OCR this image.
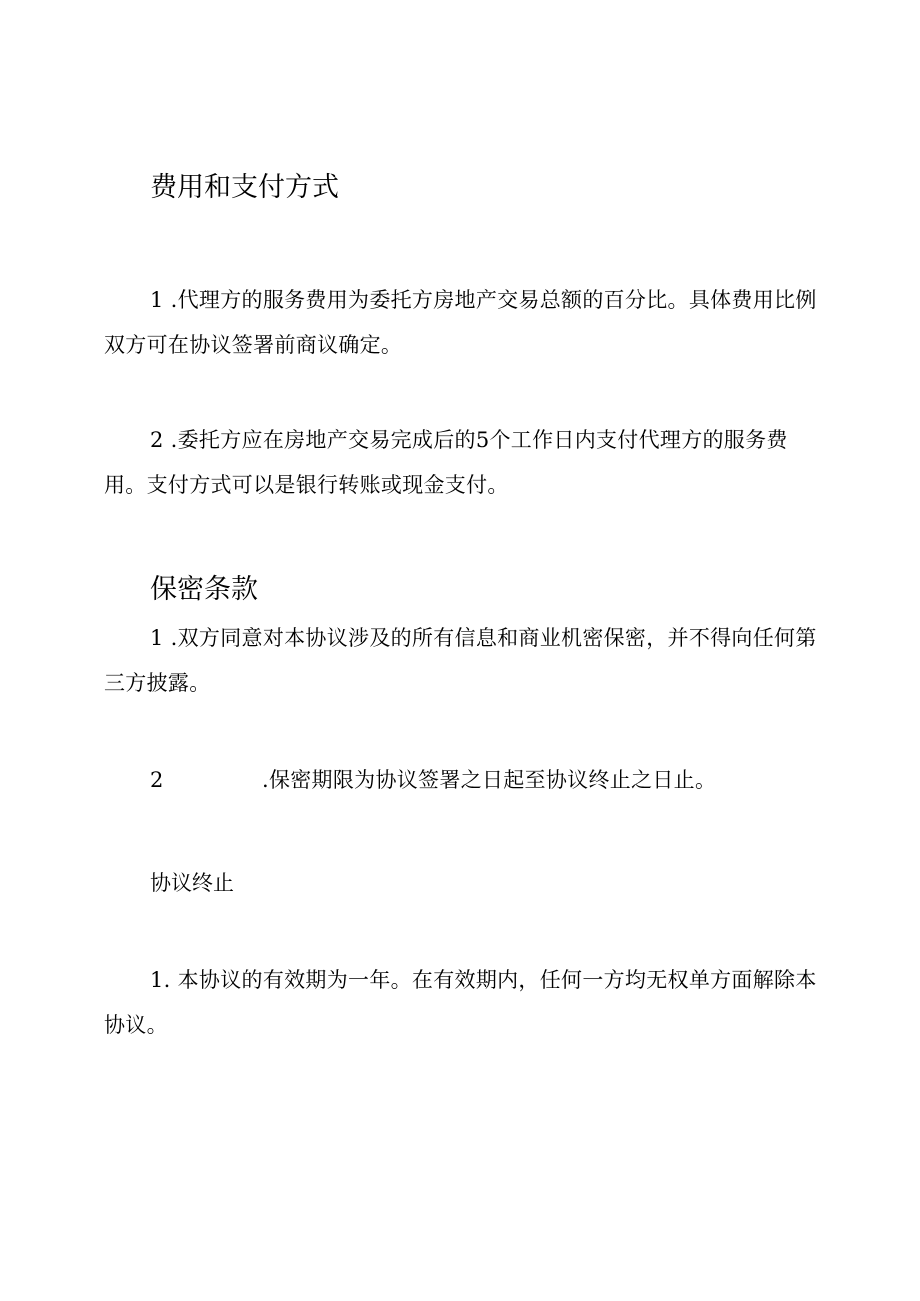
费用和支付方式

1 .代理方的服务费用为委托方房地产交易总额的百分比。具体费用比例双方可在协议签署前商议确定。

2 .委托方应在房地产交易完成后的5个工作日内支付代理方的服务费用。支付方式可以是银行转账或现金支付。

保密条款

1 .双方同意对本协议涉及的所有信息和商业机密保密，并不得向任何第三方披露。

2	.保密期限为协议签署之日起至协议终止之日止。

协议终止

1. 本协议的有效期为一年。在有效期内，任何一方均无权单方面解除本协议。
